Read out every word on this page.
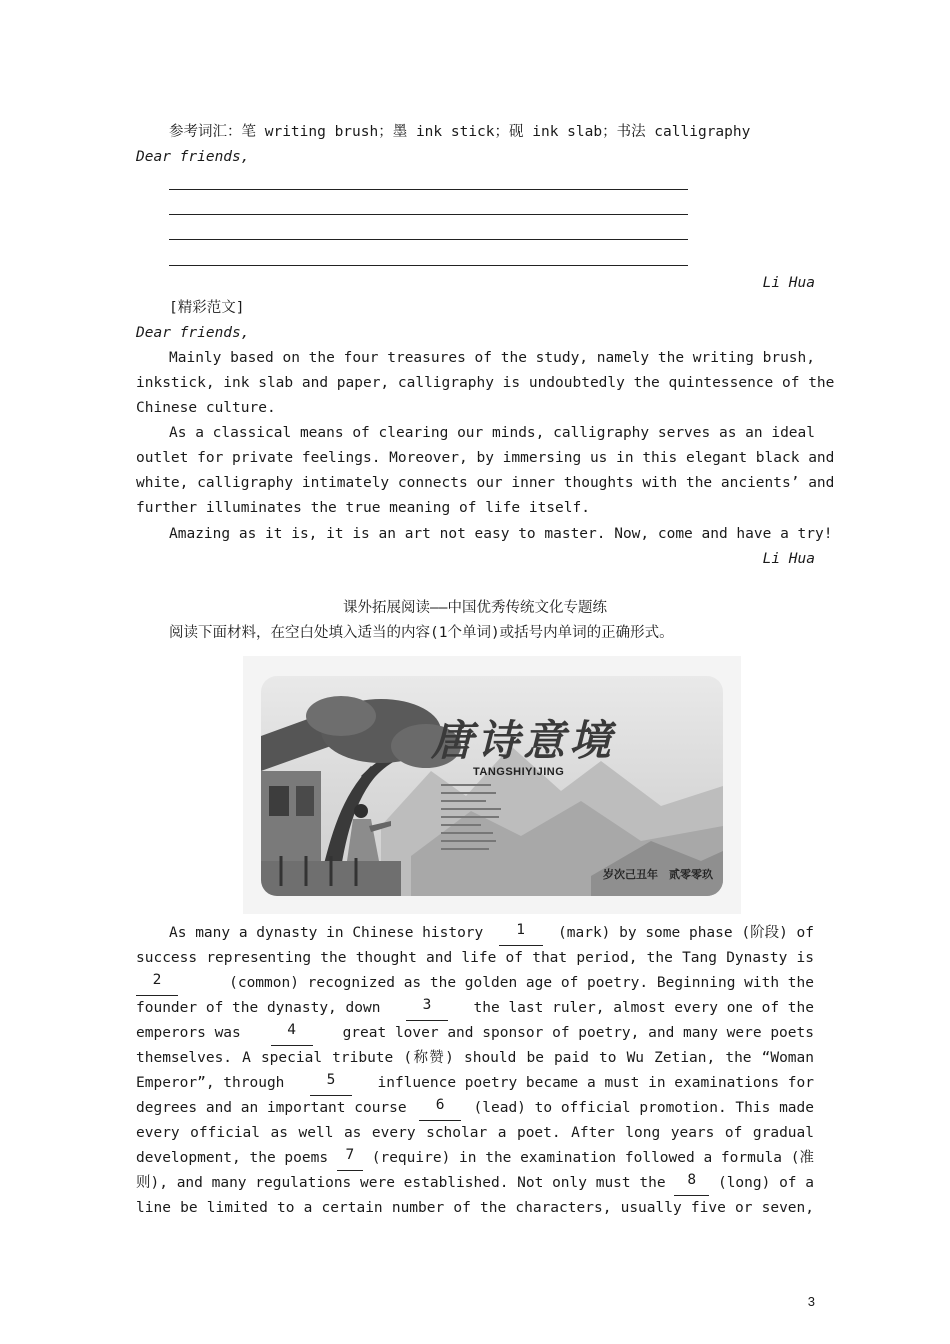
参考词汇：笔 writing brush；墨 ink stick；砚 ink slab；书法 calligraphy
Dear friends,
Li Hua
[精彩范文]
Dear friends,
Mainly based on the four treasures of the study, namely the writing brush,
inkstick, ink slab and paper, calligraphy is undoubtedly the quintessence of the
Chinese culture.
As a classical means of clearing our minds, calligraphy serves as an ideal
outlet for private feelings. Moreover, by immersing us in this elegant black and
white, calligraphy intimately connects our inner thoughts with the ancients’ and
further illuminates the true meaning of life itself.
Amazing as it is, it is an art not easy to master. Now, come and have a try!
Li Hua
课外拓展阅读——中国优秀传统文化专题练
阅读下面材料，在空白处填入适当的内容(1个单词)或括号内单词的正确形式。
唐诗意境
TANGSHIYIJING
岁次己丑年　贰零零玖
As many a dynasty in Chinese history	1	(mark) by some phase (阶段) of
success representing the thought and life of that period, the Tang Dynasty is
2	(common) recognized as the golden age of poetry. Beginning with the
founder of the dynasty, down	3	the last ruler, almost every one of the
emperors was	4	great lover and sponsor of poetry, and many were poets
themselves. A special tribute (称赞) should be paid to Wu Zetian, the “Woman
Emperor”, through	5	influence poetry became a must in examinations for
degrees and an important course	6	(lead) to official promotion. This made
every official as well as every scholar a poet. After long years of gradual
development, the poems 7 (require) in the examination followed a formula (准
则), and many regulations were established. Not only must the 8 (long) of a
line be limited to a certain number of the characters, usually five or seven,
3
